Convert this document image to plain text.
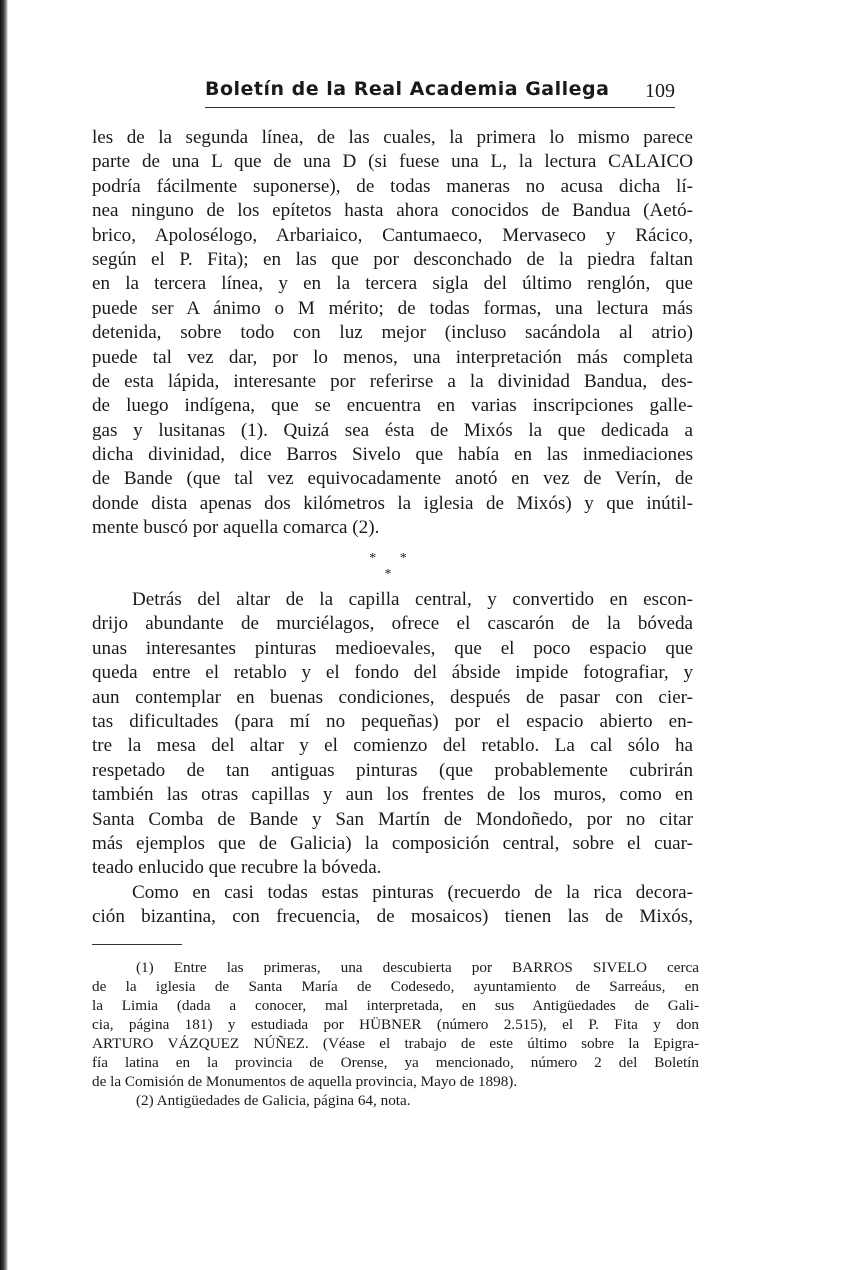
Boletín de la Real Academia Gallega 109
les de la segunda línea, de las cuales, la primera lo mismo parece
parte de una L que de una D (si fuese una L, la lectura CALAICO
podría fácilmente suponerse), de todas maneras no acusa dicha lí-
nea ninguno de los epítetos hasta ahora conocidos de Bandua (Aetó-
brico, Apolosélogo, Arbariaico, Cantumaeco, Mervaseco y Rácico,
según el P. Fita); en las que por desconchado de la piedra faltan
en la tercera línea, y en la tercera sigla del último renglón, que
puede ser A ánimo o M mérito; de todas formas, una lectura más
detenida, sobre todo con luz mejor (incluso sacándola al atrio)
puede tal vez dar, por lo menos, una interpretación más completa
de esta lápida, interesante por referirse a la divinidad Bandua, des-
de luego indígena, que se encuentra en varias inscripciones galle-
gas y lusitanas (1). Quizá sea ésta de Mixós la que dedicada a
dicha divinidad, dice Barros Sivelo que había en las inmediaciones
de Bande (que tal vez equivocadamente anotó en vez de Verín, de
donde dista apenas dos kilómetros la iglesia de Mixós) y que inútil-
mente buscó por aquella comarca (2).
* * *
Detrás del altar de la capilla central, y convertido en escon-
drijo abundante de murciélagos, ofrece el cascarón de la bóveda
unas interesantes pinturas medioevales, que el poco espacio que
queda entre el retablo y el fondo del ábside impide fotografiar, y
aun contemplar en buenas condiciones, después de pasar con cier-
tas dificultades (para mí no pequeñas) por el espacio abierto en-
tre la mesa del altar y el comienzo del retablo. La cal sólo ha
respetado de tan antiguas pinturas (que probablemente cubrirán
también las otras capillas y aun los frentes de los muros, como en
Santa Comba de Bande y San Martín de Mondoñedo, por no citar
más ejemplos que de Galicia) la composición central, sobre el cuar-
teado enlucido que recubre la bóveda.
Como en casi todas estas pinturas (recuerdo de la rica decora-
ción bizantina, con frecuencia, de mosaicos) tienen las de Mixós,
(1) Entre las primeras, una descubierta por BARROS SIVELO cerca
de la iglesia de Santa María de Codesedo, ayuntamiento de Sarreáus, en
la Limia (dada a conocer, mal interpretada, en sus Antigüedades de Gali-
cia, página 181) y estudiada por HÜBNER (número 2.515), el P. Fita y don
ARTURO VÁZQUEZ NÚÑEZ. (Véase el trabajo de este último sobre la Epigra-
fía latina en la provincia de Orense, ya mencionado, número 2 del Boletín
de la Comisión de Monumentos de aquella provincia, Mayo de 1898).
(2) Antigüedades de Galicia, página 64, nota.
